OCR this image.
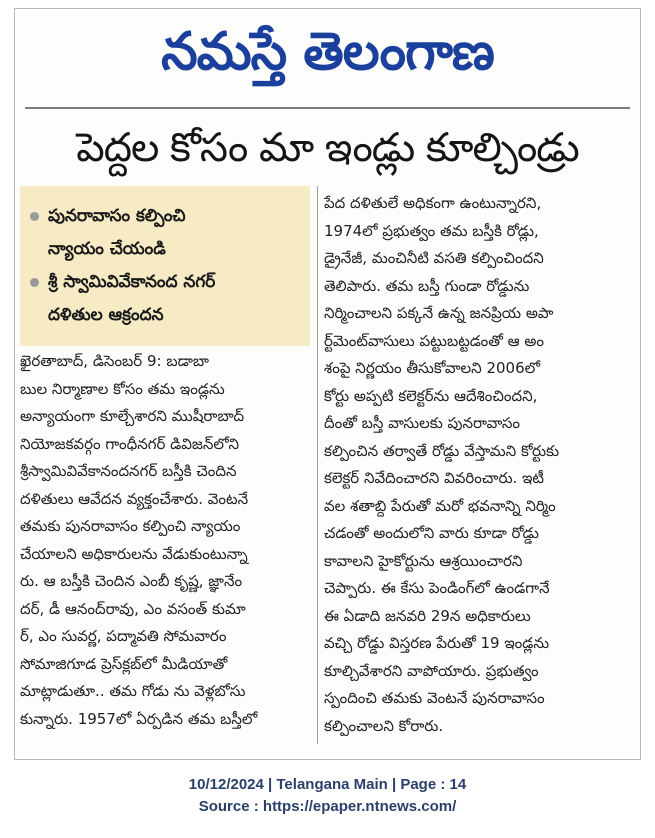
నమస్తే తెలంగాణ
పెద్దల కోసం మా ఇండ్లు కూల్చిండ్రు
పునరావాసం కల్పించి
న్యాయం చేయండి
శ్రీ స్వామివివేకానంద నగర్
దళితుల ఆక్రందన
ఖైరతాబాద్, డిసెంబర్ 9: బడాబా
బుల నిర్మాణాల కోసం తమ ఇండ్లను
అన్యాయంగా కూల్చేశారని ముషీరాబాద్
నియోజకవర్గం గాంధీనగర్ డివిజన్‌లోని
శ్రీస్వామివివేకానందనగర్ బస్తీకి చెందిన
దళితులు ఆవేదన వ్యక్తంచేశారు. వెంటనే
తమకు పునరావాసం కల్పించి న్యాయం
చేయాలని అధికారులను వేడుకుంటున్నా
రు. ఆ బస్తీకి చెందిన ఎంబీ కృష్ణ, జ్ఞానేం
దర్, డీ ఆనంద్‌రావు, ఎం వసంత్ కుమా
ర్, ఎం సువర్ణ, పద్మావతి సోమవారం
సోమాజిగూడ ప్రెస్‌క్లబ్‌లో మీడియాతో
మాట్లాడుతూ.. తమ గోడు ను వెళ్లబోసు
కున్నారు. 1957లో ఏర్పడిన తమ బస్తీలో
పేద దళితులే అధికంగా ఉంటున్నారని,
1974లో ప్రభుత్వం తమ బస్తీకి రోడ్లు,
డ్రైనేజీ, మంచినీటి వసతి కల్పించిందని
తెలిపారు. తమ బస్తీ గుండా రోడ్డును
నిర్మించాలని పక్కనే ఉన్న జనప్రియ అపా
ర్ట్‌మెంట్‌వాసులు పట్టుబట్టడంతో ఆ అం
శంపై నిర్ణయం తీసుకోవాలని 2006లో
కోర్టు అప్పటి కలెక్టర్‌ను ఆదేశించిందని,
దీంతో బస్తీ వాసులకు పునరావాసం
కల్పించిన తర్వాతే రోడ్డు వేస్తామని కోర్టుకు
కలెక్టర్ నివేదించారని వివరించారు. ఇటీ
వల శతాబ్ది పేరుతో మరో భవనాన్ని నిర్మిం
చడంతో అందులోని వారు కూడా రోడ్డు
కావాలని హైకోర్టును ఆశ్రయించారని
చెప్పారు. ఈ కేసు పెండింగ్‌లో ఉండగానే
ఈ ఏడాది జనవరి 29న అధికారులు
వచ్చి రోడ్డు విస్తరణ పేరుతో 19 ఇండ్లను
కూల్చివేశారని వాపోయారు. ప్రభుత్వం
స్పందించి తమకు వెంటనే పునరావాసం
కల్పించాలని కోరారు.
10/12/2024 | Telangana Main | Page : 14
Source : https://epaper.ntnews.com/
